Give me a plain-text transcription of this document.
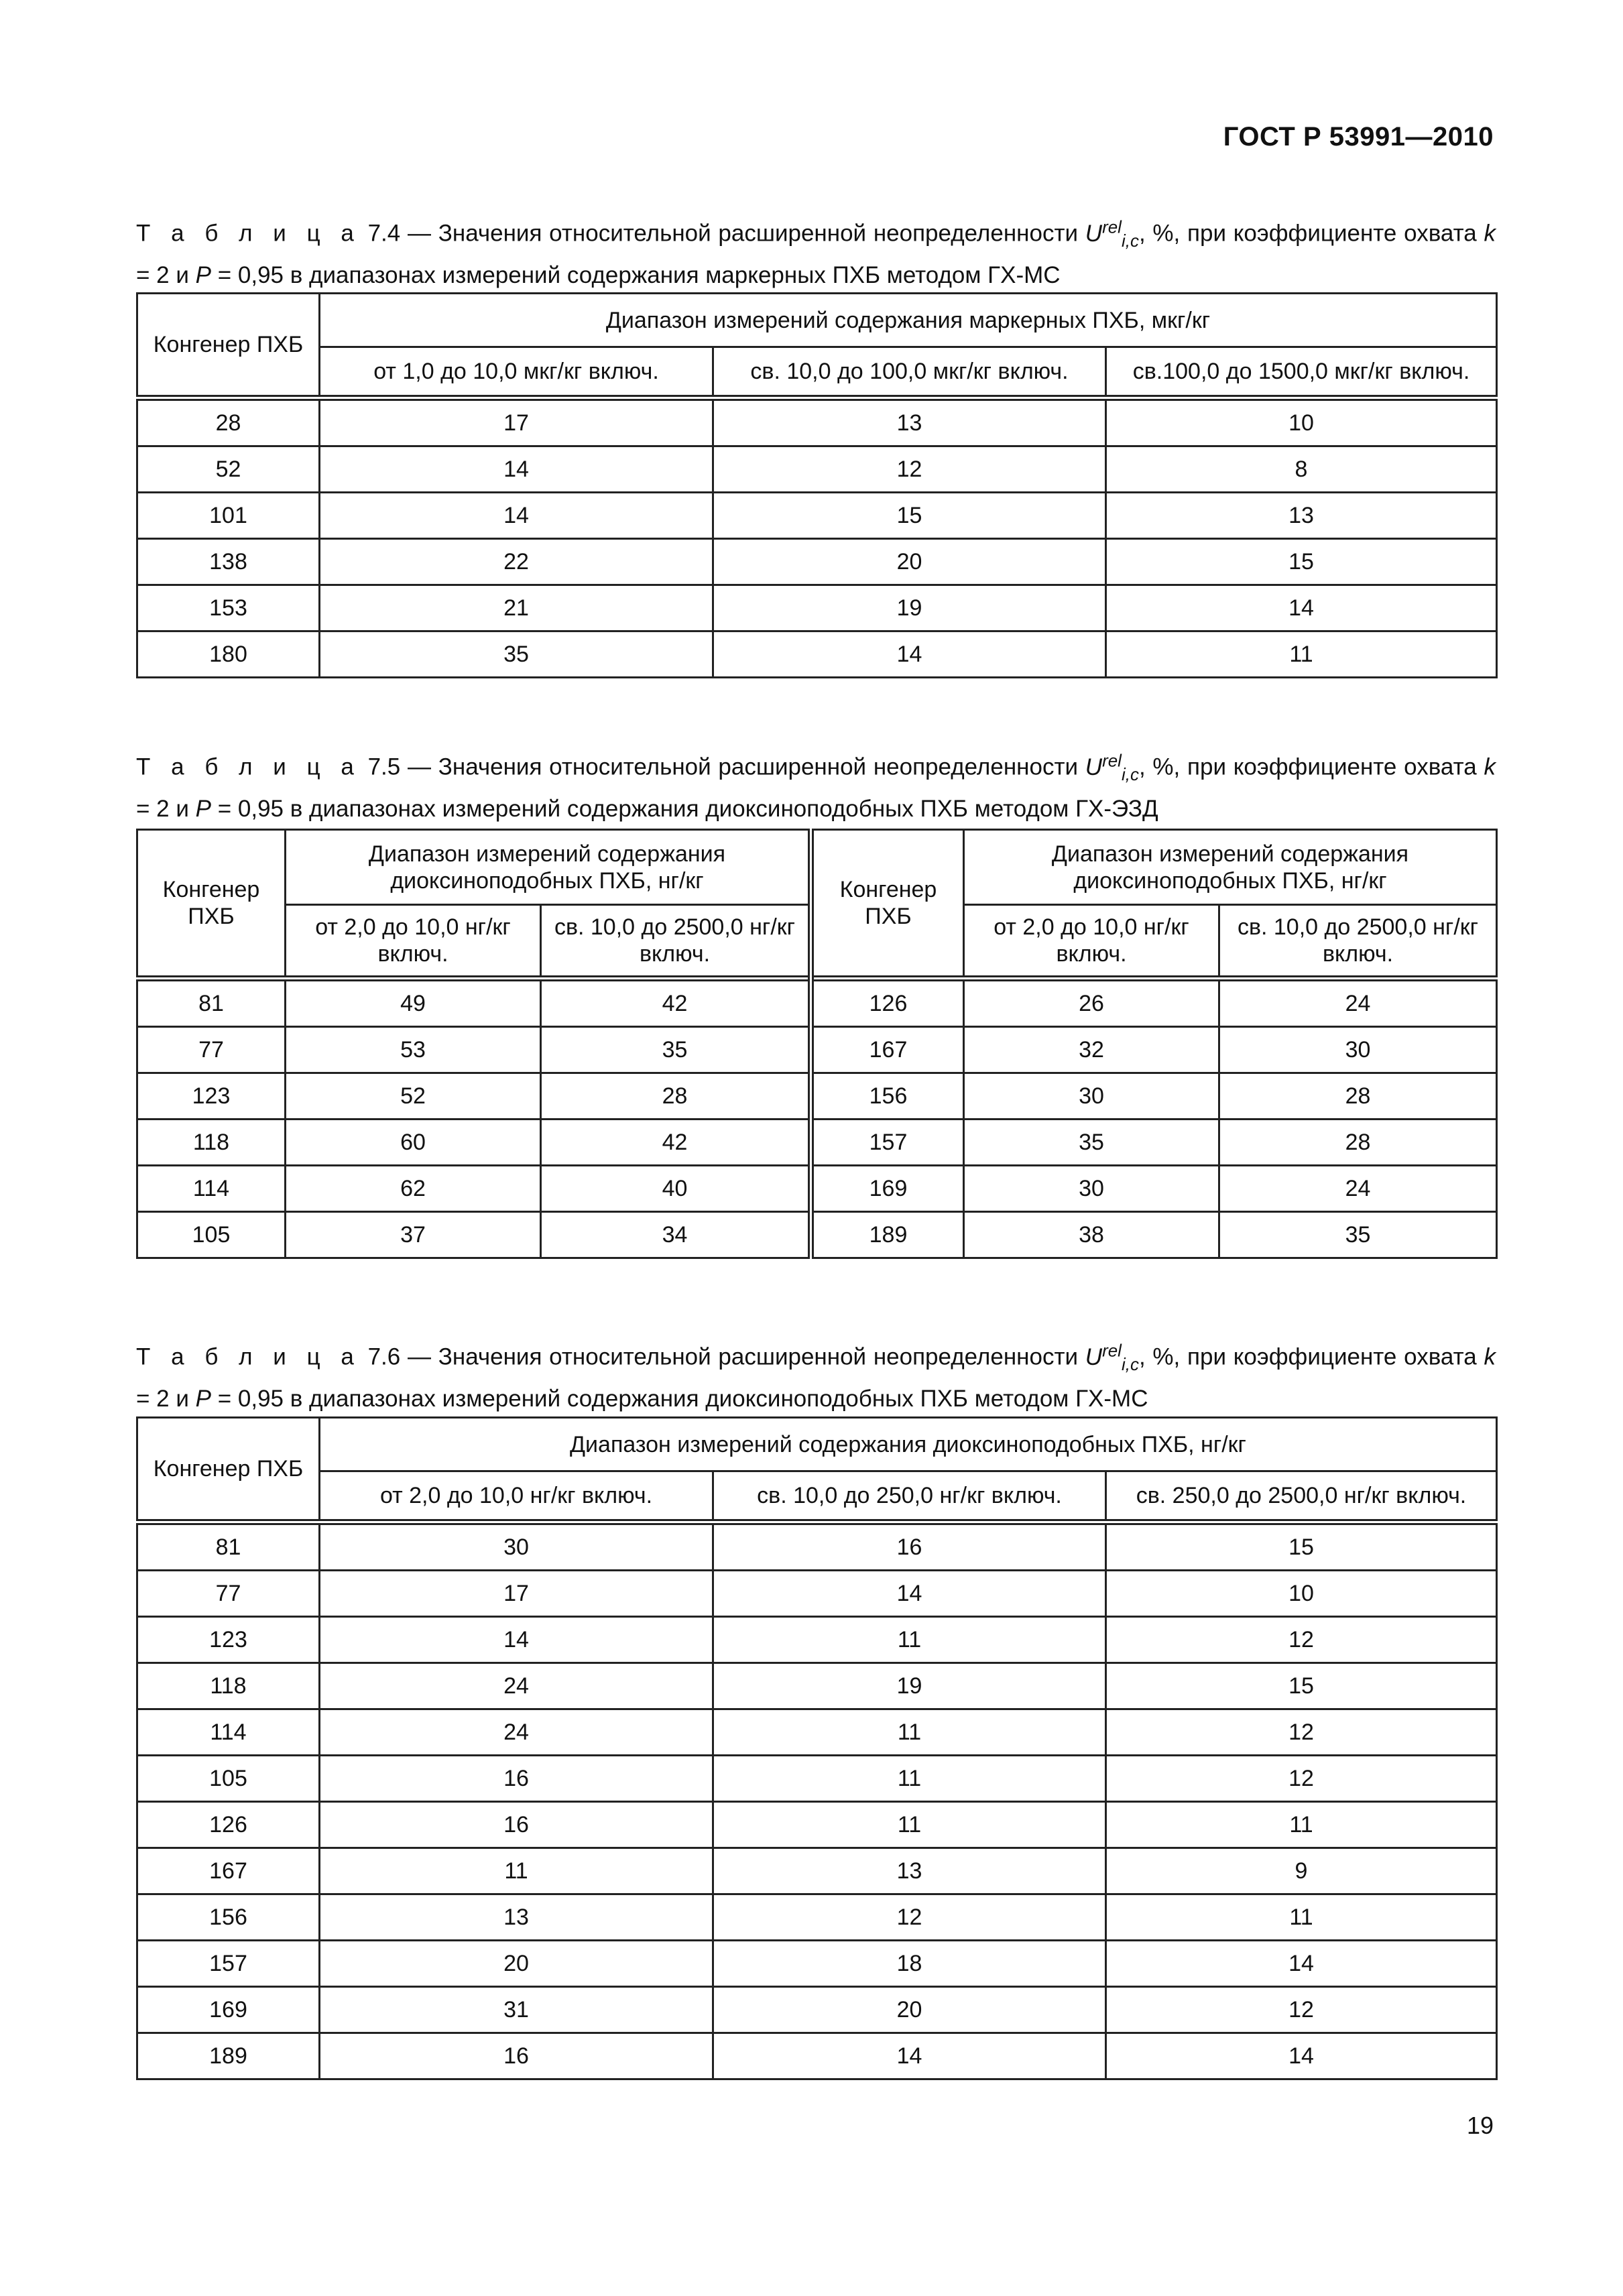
ГОСТ Р 53991—2010
Т а б л и ц а 7.4 — Значения относительной расширенной неопределенности $U^{rel}_{i,c}$, %, при коэффициенте охвата k = 2 и P = 0,95 в диапазонах измерений содержания маркерных ПХБ методом ГХ-МС
Конгенер ПХБ	Диапазон измерений содержания маркерных ПХБ, мкг/кг		
	от 1,0 до 10,0 мкг/кг включ.	св. 10,0 до 100,0 мкг/кг включ.	св.100,0 до 1500,0 мкг/кг включ.
28	17	13	10
52	14	12	8
101	14	15	13
138	22	20	15
153	21	19	14
180	35	14	11
Т а б л и ц а 7.5 — Значения относительной расширенной неопределенности $U^{rel}_{i,c}$, %, при коэффициенте охвата k = 2 и P = 0,95 в диапазонах измерений содержания диоксиноподобных ПХБ методом ГХ-ЭЗД
Конгенер ПХБ	Диапазон измерений содержания диоксиноподобных ПХБ, нг/кг		Конгенер ПХБ	Диапазон измерений содержания диоксиноподобных ПХБ, нг/кг	
	от 2,0 до 10,0 нг/кг включ.	св. 10,0 до 2500,0 нг/кг включ.		от 2,0 до 10,0 нг/кг включ.	св. 10,0 до 2500,0 нг/кг включ.
81	49	42	126	26	24
77	53	35	167	32	30
123	52	28	156	30	28
118	60	42	157	35	28
114	62	40	169	30	24
105	37	34	189	38	35
Т а б л и ц а 7.6 — Значения относительной расширенной неопределенности $U^{rel}_{i,c}$, %, при коэффициенте охвата k = 2 и P = 0,95 в диапазонах измерений содержания диоксиноподобных ПХБ методом ГХ-МС
Конгенер ПХБ	Диапазон измерений содержания диоксиноподобных ПХБ, нг/кг		
	от 2,0 до 10,0 нг/кг включ.	св. 10,0 до 250,0 нг/кг включ.	св. 250,0 до 2500,0 нг/кг включ.
81	30	16	15
77	17	14	10
123	14	11	12
118	24	19	15
114	24	11	12
105	16	11	12
126	16	11	11
167	11	13	9
156	13	12	11
157	20	18	14
169	31	20	12
189	16	14	14
19
